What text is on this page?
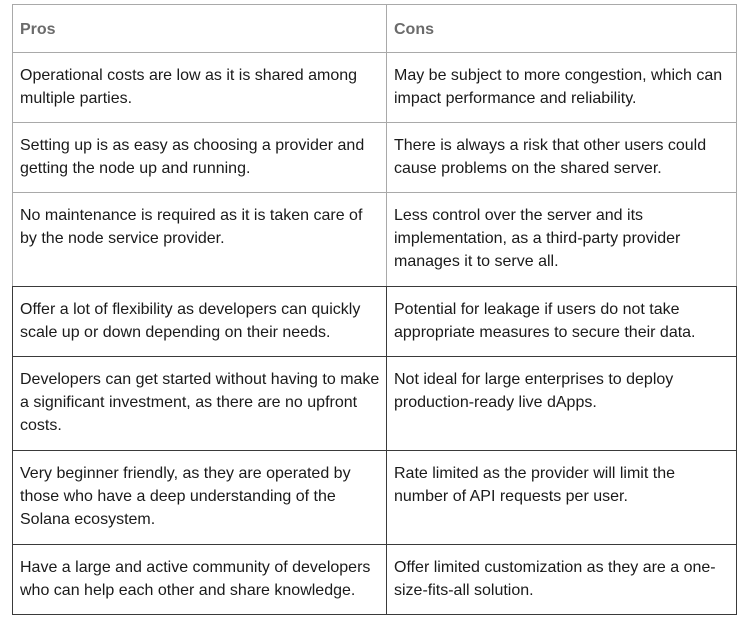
Pros	Cons
Operational costs are low as it is shared among multiple parties.
May be subject to more congestion, which can impact performance and reliability.
Setting up is as easy as choosing a provider and getting the node up and running.
There is always a risk that other users could cause problems on the shared server.
No maintenance is required as it is taken care of by the node service provider.
Less control over the server and its implementation, as a third-party provider manages it to serve all.
Offer a lot of flexibility as developers can quickly scale up or down depending on their needs.
Potential for leakage if users do not take appropriate measures to secure their data.
Developers can get started without having to make a significant investment, as there are no upfront costs.
Not ideal for large enterprises to deploy production-ready live dApps.
Very beginner friendly, as they are operated by those who have a deep understanding of the Solana ecosystem.
Rate limited as the provider will limit the number of API requests per user.
Have a large and active community of developers who can help each other and share knowledge.
Offer limited customization as they are a one-size-fits-all solution.
